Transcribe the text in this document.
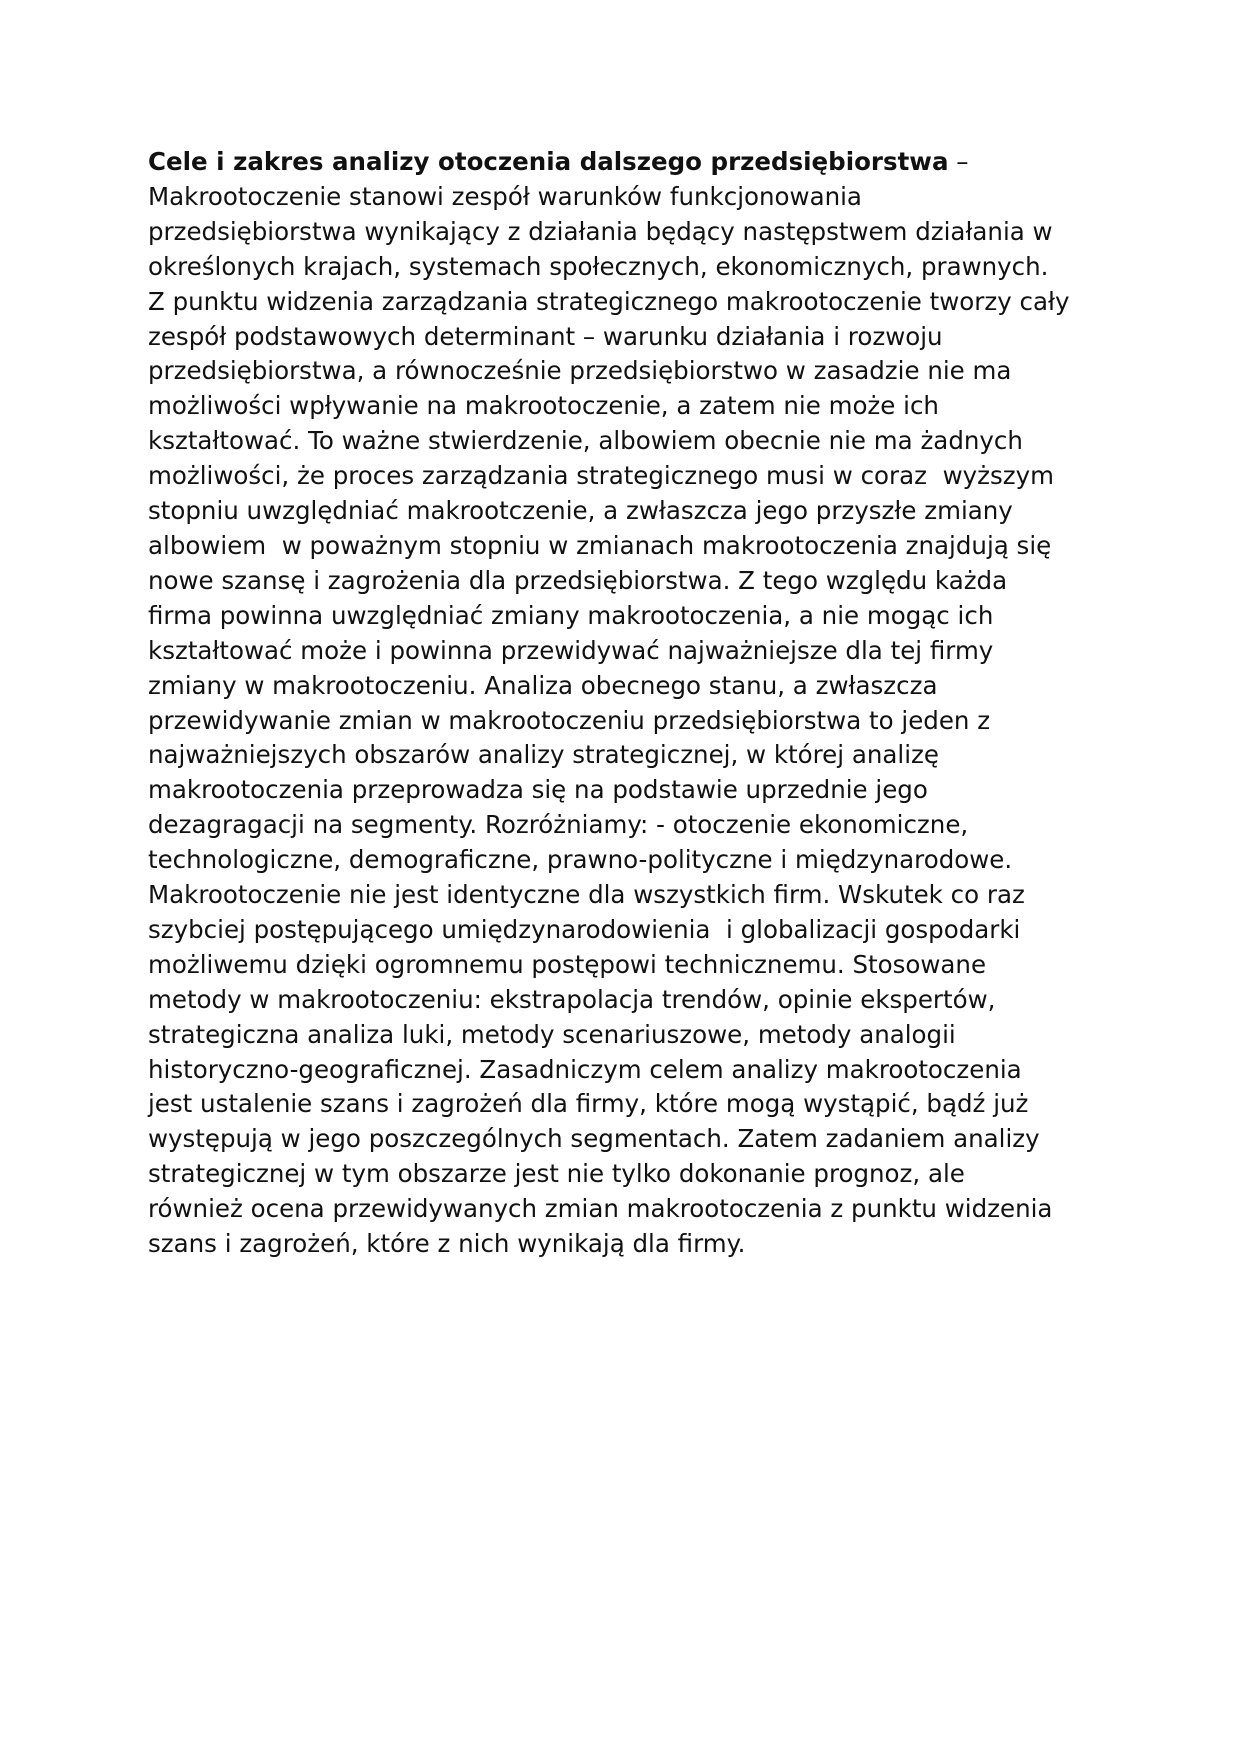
Cele i zakres analizy otoczenia dalszego przedsiębiorstwa –
Makrootoczenie stanowi zespół warunków funkcjonowania
przedsiębiorstwa wynikający z działania będący następstwem działania w
określonych krajach, systemach społecznych, ekonomicznych, prawnych.
Z punktu widzenia zarządzania strategicznego makrootoczenie tworzy cały
zespół podstawowych determinant – warunku działania i rozwoju
przedsiębiorstwa, a równocześnie przedsiębiorstwo w zasadzie nie ma
możliwości wpływanie na makrootoczenie, a zatem nie może ich
kształtować. To ważne stwierdzenie, albowiem obecnie nie ma żadnych
możliwości, że proces zarządzania strategicznego musi w coraz  wyższym
stopniu uwzględniać makrootczenie, a zwłaszcza jego przyszłe zmiany
albowiem  w poważnym stopniu w zmianach makrootoczenia znajdują się
nowe szansę i zagrożenia dla przedsiębiorstwa. Z tego względu każda
firma powinna uwzględniać zmiany makrootoczenia, a nie mogąc ich
kształtować może i powinna przewidywać najważniejsze dla tej firmy
zmiany w makrootoczeniu. Analiza obecnego stanu, a zwłaszcza
przewidywanie zmian w makrootoczeniu przedsiębiorstwa to jeden z
najważniejszych obszarów analizy strategicznej, w której analizę
makrootoczenia przeprowadza się na podstawie uprzednie jego
dezagragacji na segmenty. Rozróżniamy: - otoczenie ekonomiczne,
technologiczne, demograficzne, prawno-polityczne i międzynarodowe.
Makrootoczenie nie jest identyczne dla wszystkich firm. Wskutek co raz
szybciej postępującego umiędzynarodowienia  i globalizacji gospodarki
możliwemu dzięki ogromnemu postępowi technicznemu. Stosowane
metody w makrootoczeniu: ekstrapolacja trendów, opinie ekspertów,
strategiczna analiza luki, metody scenariuszowe, metody analogii
historyczno-geograficznej. Zasadniczym celem analizy makrootoczenia
jest ustalenie szans i zagrożeń dla firmy, które mogą wystąpić, bądź już
występują w jego poszczególnych segmentach. Zatem zadaniem analizy
strategicznej w tym obszarze jest nie tylko dokonanie prognoz, ale
również ocena przewidywanych zmian makrootoczenia z punktu widzenia
szans i zagrożeń, które z nich wynikają dla firmy.
